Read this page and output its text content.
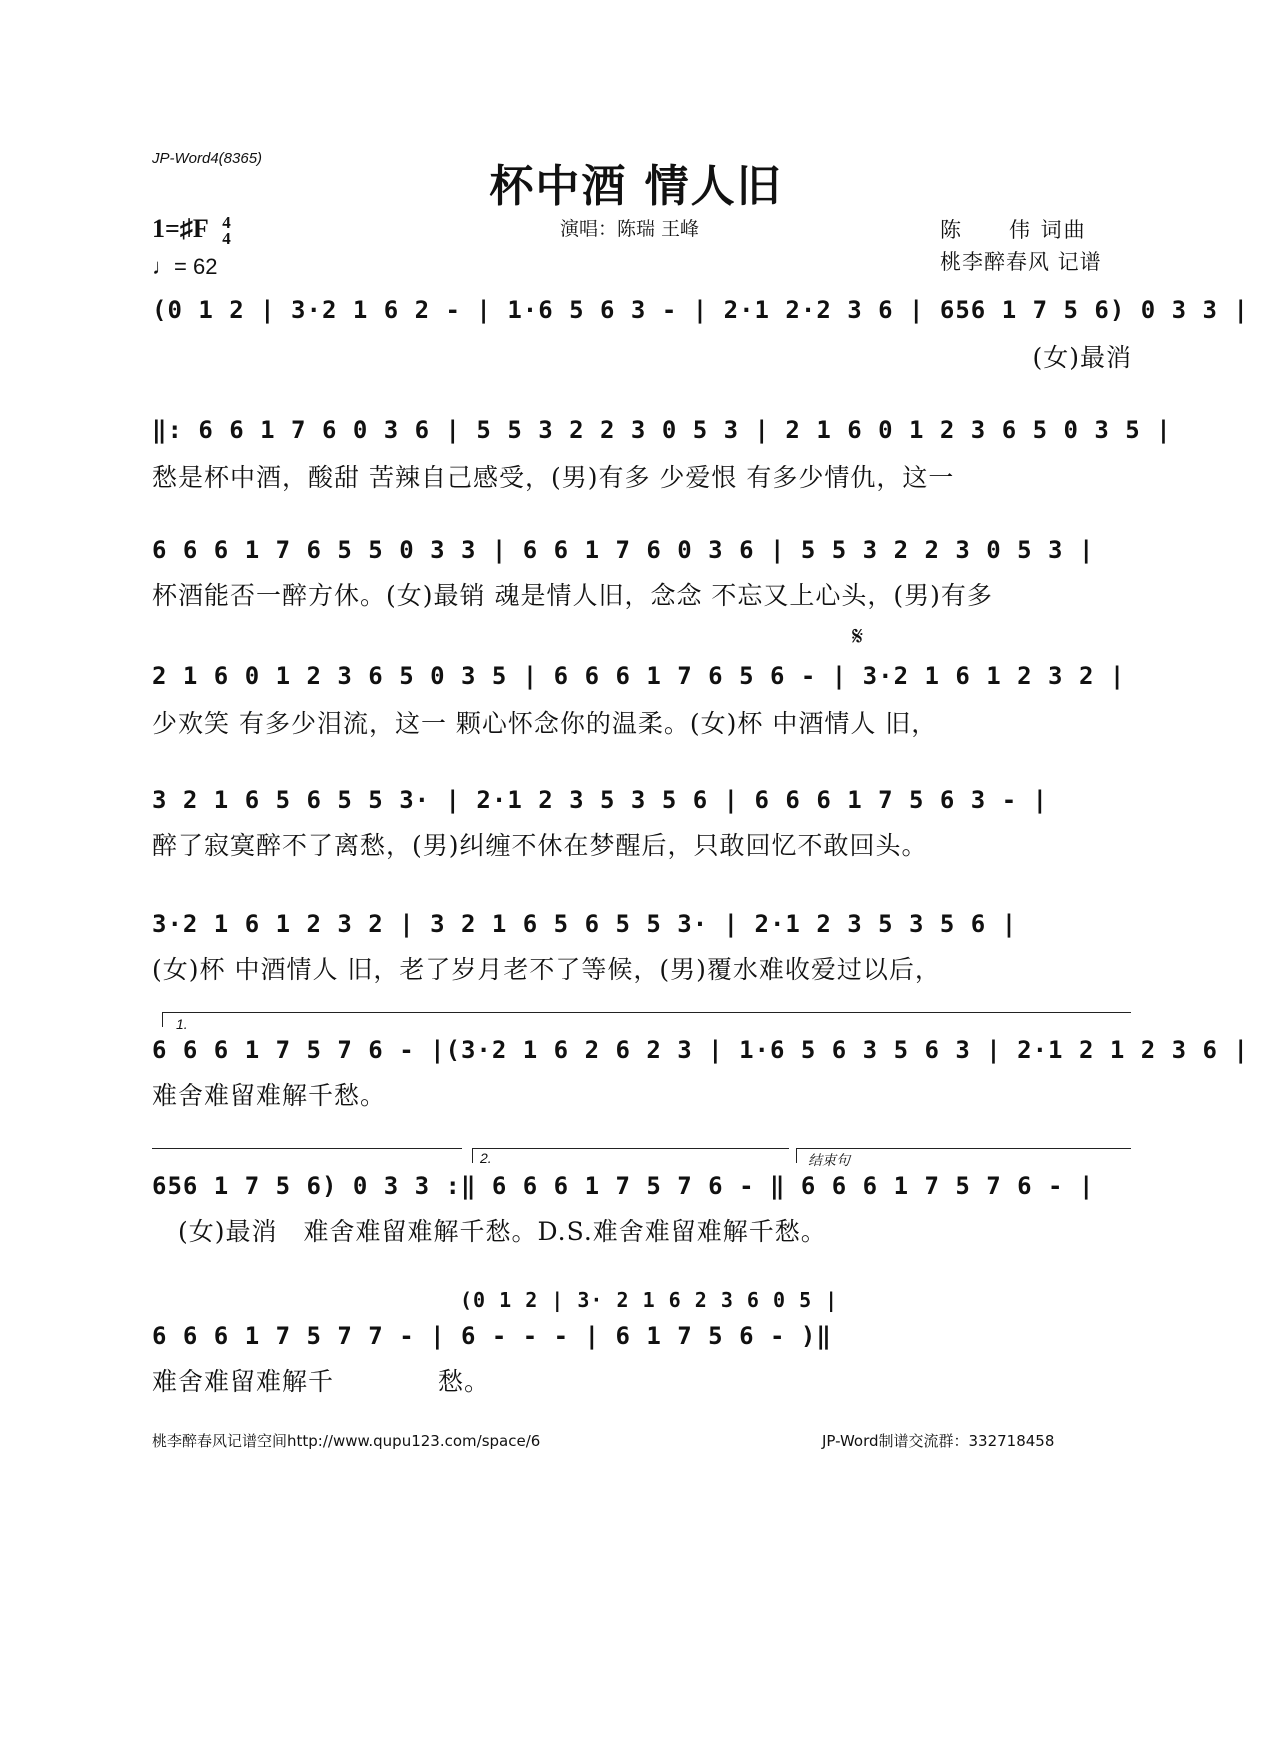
JP-Word4(8365)
杯中酒 情人旧
演唱：陈瑞 王峰	陈　　伟 词曲
桃李醉春风 记谱
1=♯F 4
4
♩= 62
(0 1 2 | 3·2 1 6 2 - | 1·6 5 6 3 - | 2·1 2·2 3 6 | 656 1 7 5 6) 0 3 3 |
(女)最消
‖: 6 6 1 7 6 0 3 6 | 5 5 3 2 2 3 0 5 3 | 2 1 6 0 1 2 3 6 5 0 3 5 |
愁是杯中酒，酸甜 苦辣自己感受，(男)有多 少爱恨 有多少情仇，这一
6 6 6 1 7 6 5 5 0 3 3 | 6 6 1 7 6 0 3 6 | 5 5 3 2 2 3 0 5 3 |
杯酒能否一醉方休。(女)最销 魂是情人旧，念念 不忘又上心头，(男)有多
𝄋
2 1 6 0 1 2 3 6 5 0 3 5 | 6 6 6 1 7 6 5 6 - | 3·2 1 6 1 2 3 2 |
少欢笑 有多少泪流，这一 颗心怀念你的温柔。(女)杯 中酒情人 旧，
3 2 1 6 5 6 5 5 3· | 2·1 2 3 5 3 5 6 | 6 6 6 1 7 5 6 3 - |
醉了寂寞醉不了离愁，(男)纠缠不休在梦醒后，只敢回忆不敢回头。
3·2 1 6 1 2 3 2 | 3 2 1 6 5 6 5 5 3· | 2·1 2 3 5 3 5 6 |
(女)杯 中酒情人 旧，老了岁月老不了等候，(男)覆水难收爱过以后，
1.
6 6 6 1 7 5 7 6 - |(3·2 1 6 2 6 2 3 | 1·6 5 6 3 5 6 3 | 2·1 2 1 2 3 6 |
难舍难留难解千愁。
2.	结束句
656 1 7 5 6) 0 3 3 :‖ 6 6 6 1 7 5 7 6 - ‖ 6 6 6 1 7 5 7 6 - |
　(女)最消　难舍难留难解千愁。D.S.难舍难留难解千愁。
(0 1 2 | 3· 2 1 6 2 3 6 0 5 |
6 6 6 1 7 5 7 7 - | 6 - - - | 6 1 7 5 6 - )‖
难舍难留难解千　　　　愁。
桃李醉春风记谱空间http://www.qupu123.com/space/6	JP-Word制谱交流群：332718458
